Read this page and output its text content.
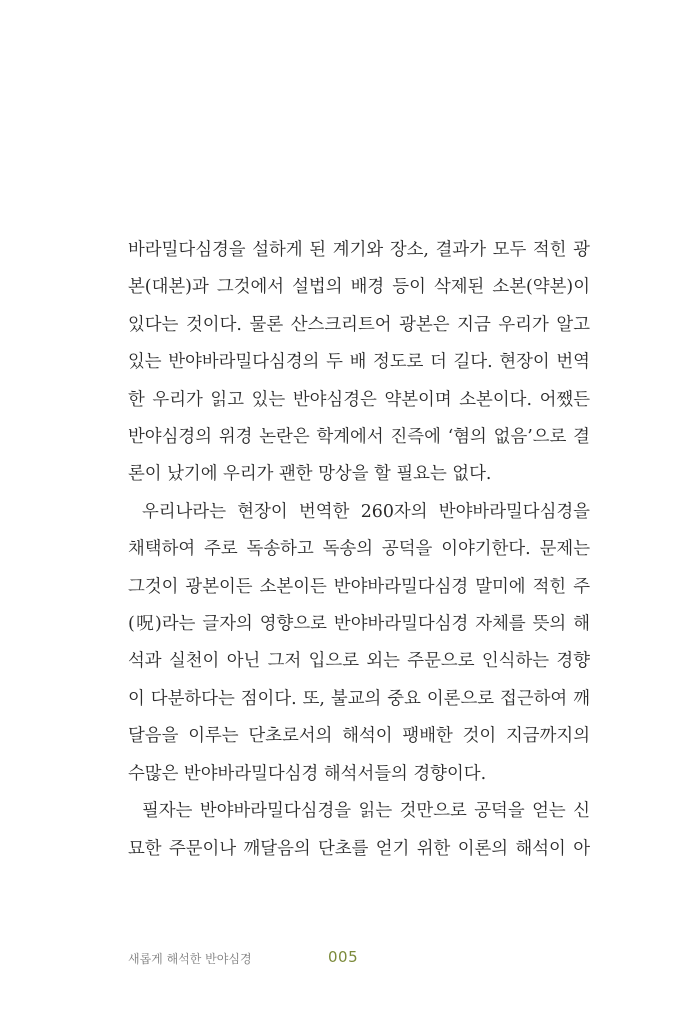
바라밀다심경을 설하게 된 계기와 장소, 결과가 모두 적힌 광
본(대본)과 그것에서 설법의 배경 등이 삭제된 소본(약본)이
있다는 것이다. 물론 산스크리트어 광본은 지금 우리가 알고
있는 반야바라밀다심경의 두 배 정도로 더 길다. 현장이 번역
한 우리가 읽고 있는 반야심경은 약본이며 소본이다. 어쨌든
반야심경의 위경 논란은 학계에서 진즉에 ‘혐의 없음’으로 결
론이 났기에 우리가 괜한 망상을 할 필요는 없다.
우리나라는 현장이 번역한 260자의 반야바라밀다심경을
채택하여 주로 독송하고 독송의 공덕을 이야기한다. 문제는
그것이 광본이든 소본이든 반야바라밀다심경 말미에 적힌 주
(呪)라는 글자의 영향으로 반야바라밀다심경 자체를 뜻의 해
석과 실천이 아닌 그저 입으로 외는 주문으로 인식하는 경향
이 다분하다는 점이다. 또, 불교의 중요 이론으로 접근하여 깨
달음을 이루는 단초로서의 해석이 팽배한 것이 지금까지의
수많은 반야바라밀다심경 해석서들의 경향이다.
필자는 반야바라밀다심경을 읽는 것만으로 공덕을 얻는 신
묘한 주문이나 깨달음의 단초를 얻기 위한 이론의 해석이 아
새롭게 해석한 반야심경	005
